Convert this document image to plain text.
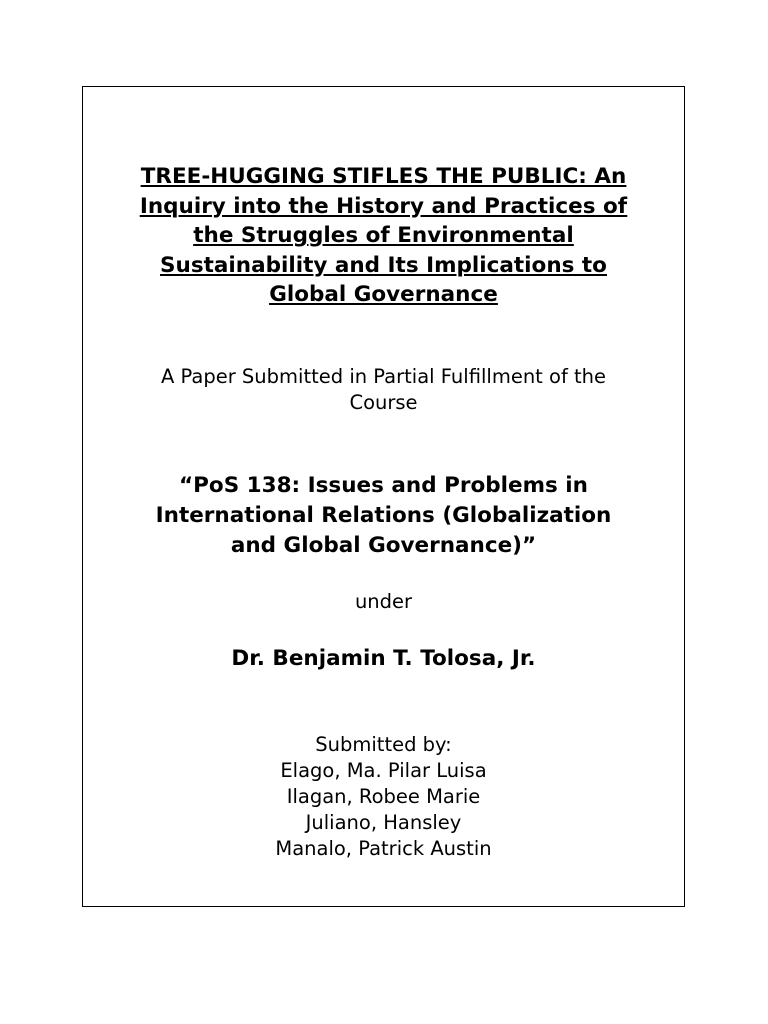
TREE-HUGGING STIFLES THE PUBLIC: An
Inquiry into the History and Practices of
the Struggles of Environmental
Sustainability and Its Implications to
Global Governance
A Paper Submitted in Partial Fulfillment of the
Course
“PoS 138: Issues and Problems in
International Relations (Globalization
and Global Governance)”
under
Dr. Benjamin T. Tolosa, Jr.
Submitted by:
Elago, Ma. Pilar Luisa
Ilagan, Robee Marie
Juliano, Hansley
Manalo, Patrick Austin
